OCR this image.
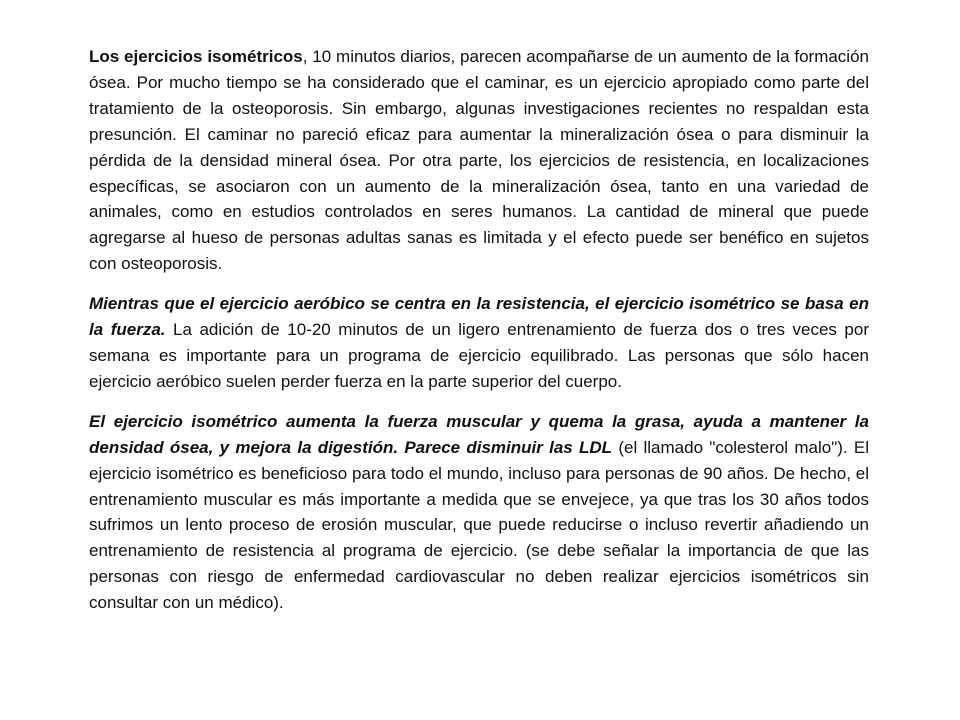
Los ejercicios isométricos, 10 minutos diarios, parecen acompañarse de un aumento de la formación ósea. Por mucho tiempo se ha considerado que el caminar, es un ejercicio apropiado como parte del tratamiento de la osteoporosis. Sin embargo, algunas investigaciones recientes no respaldan esta presunción. El caminar no pareció eficaz para aumentar la mineralización ósea o para disminuir la pérdida de la densidad mineral ósea. Por otra parte, los ejercicios de resistencia, en localizaciones específicas, se asociaron con un aumento de la mineralización ósea, tanto en una variedad de animales, como en estudios controlados en seres humanos. La cantidad de mineral que puede agregarse al hueso de personas adultas sanas es limitada y el efecto puede ser benéfico en sujetos con osteoporosis.

Mientras que el ejercicio aeróbico se centra en la resistencia, el ejercicio isométrico se basa en la fuerza. La adición de 10-20 minutos de un ligero entrenamiento de fuerza dos o tres veces por semana es importante para un programa de ejercicio equilibrado. Las personas que sólo hacen ejercicio aeróbico suelen perder fuerza en la parte superior del cuerpo.

El ejercicio isométrico aumenta la fuerza muscular y quema la grasa, ayuda a mantener la densidad ósea, y mejora la digestión. Parece disminuir las LDL (el llamado "colesterol malo"). El ejercicio isométrico es beneficioso para todo el mundo, incluso para personas de 90 años. De hecho, el entrenamiento muscular es más importante a medida que se envejece, ya que tras los 30 años todos sufrimos un lento proceso de erosión muscular, que puede reducirse o incluso revertir añadiendo un entrenamiento de resistencia al programa de ejercicio. (se debe señalar la importancia de que las personas con riesgo de enfermedad cardiovascular no deben realizar ejercicios isométricos sin consultar con un médico).
